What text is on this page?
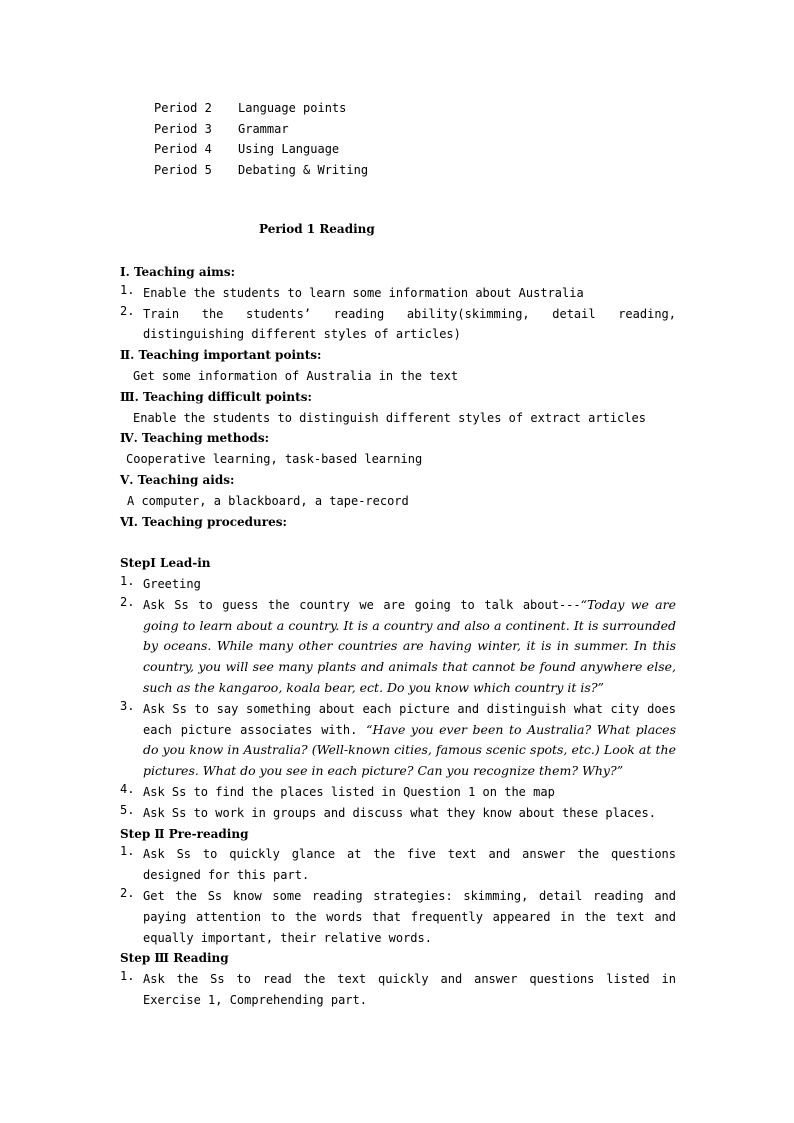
Period 2 Language points
Period 3 Grammar
Period 4 Using Language
Period 5 Debating & Writing
Period 1 Reading
Ⅰ. Teaching aims:
1. Enable the students to learn some information about Australia
2. Train the students’ reading ability(skimming, detail reading, distinguishing different styles of articles)
Ⅱ. Teaching important points:
Get some information of Australia in the text
Ⅲ. Teaching difficult points:
Enable the students to distinguish different styles of extract articles
Ⅳ. Teaching methods:
Cooperative learning, task-based learning
Ⅴ. Teaching aids:
A computer, a blackboard, a tape-record
Ⅵ. Teaching procedures:
StepⅠ Lead-in
1. Greeting
2. Ask Ss to guess the country we are going to talk about---“Today we are going to learn about a country. It is a country and also a continent. It is surrounded by oceans. While many other countries are having winter, it is in summer. In this country, you will see many plants and animals that cannot be found anywhere else, such as the kangaroo, koala bear, ect. Do you know which country it is?”
3. Ask Ss to say something about each picture and distinguish what city does each picture associates with. “Have you ever been to Australia? What places do you know in Australia? (Well-known cities, famous scenic spots, etc.) Look at the pictures. What do you see in each picture? Can you recognize them? Why?”
4. Ask Ss to find the places listed in Question 1 on the map
5. Ask Ss to work in groups and discuss what they know about these places.
Step Ⅱ Pre-reading
1. Ask Ss to quickly glance at the five text and answer the questions designed for this part.
2. Get the Ss know some reading strategies: skimming, detail reading and paying attention to the words that frequently appeared in the text and equally important, their relative words.
Step Ⅲ Reading
1. Ask the Ss to read the text quickly and answer questions listed in Exercise 1, Comprehending part.
